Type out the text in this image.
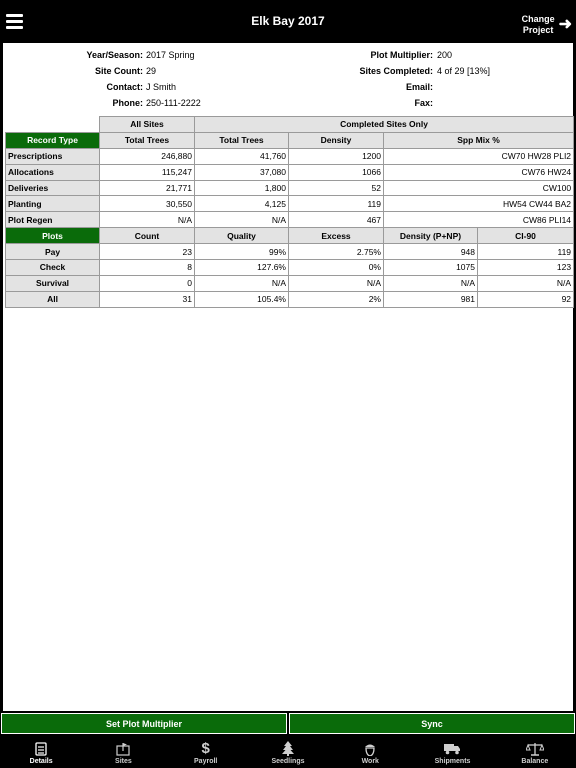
Elk Bay 2017	Change
Project ➜
Year/Season: 2017 Spring
Site Count: 29
Contact: J Smith
Phone: 250-111-2222
Plot Multiplier: 200
Sites Completed: 4 of 29 [13%]
Email:
Fax:
	All Sites	Completed Sites Only			
Record Type	Total Trees	Total Trees	Density	Spp Mix %	
Prescriptions	246,880	41,760	1200	CW70 HW28 PLI2	
Allocations	115,247	37,080	1066	CW76 HW24	
Deliveries	21,771	1,800	52	CW100	
Planting	30,550	4,125	119	HW54 CW44 BA2	
Plot Regen	N/A	N/A	467	CW86 PLI14	
Plots	Count	Quality	Excess	Density (P+NP)	CI-90
Pay	23	99%	2.75%	948	119
Check	8	127.6%	0%	1075	123
Survival	0	N/A	N/A	N/A	N/A
All	31	105.4%	2%	981	92
Set Plot Multiplier	Sync
Details	Sites
$
Payroll	Seedlings	Work	Shipments	Balance
